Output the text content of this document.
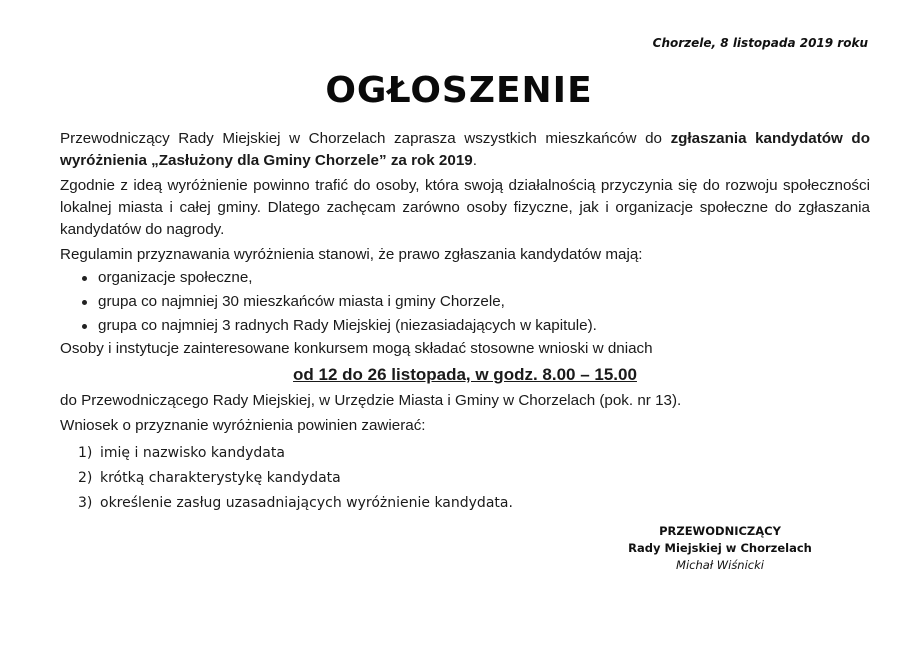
Chorzele, 8 listopada 2019 roku
OGŁOSZENIE

Przewodniczący Rady Miejskiej w Chorzelach zaprasza wszystkich mieszkańców do zgłaszania kandydatów do wyróżnienia „Zasłużony dla Gminy Chorzele” za rok 2019.

Zgodnie z ideą wyróżnienie powinno trafić do osoby, która swoją działalnością przyczynia się do rozwoju społeczności lokalnej miasta i całej gminy. Dlatego zachęcam zarówno osoby fizyczne, jak i organizacje społeczne do zgłaszania kandydatów do nagrody.

Regulamin przyznawania wyróżnienia stanowi, że prawo zgłaszania kandydatów mają:

organizacje społeczne,
grupa co najmniej 30 mieszkańców miasta i gminy Chorzele,
grupa co najmniej 3 radnych Rady Miejskiej (niezasiadających w kapitule).

Osoby i instytucje zainteresowane konkursem mogą składać stosowne wnioski w dniach

od 12 do 26 listopada, w godz. 8.00 – 15.00

do Przewodniczącego Rady Miejskiej, w Urzędzie Miasta i Gminy w Chorzelach (pok. nr 13).

Wniosek o przyznanie wyróżnienia powinien zawierać:

1) imię i nazwisko kandydata
2) krótką charakterystykę kandydata
3) określenie zasług uzasadniających wyróżnienie kandydata.
PRZEWODNICZĄCY
Rady Miejskiej w Chorzelach
Michał Wiśnicki
